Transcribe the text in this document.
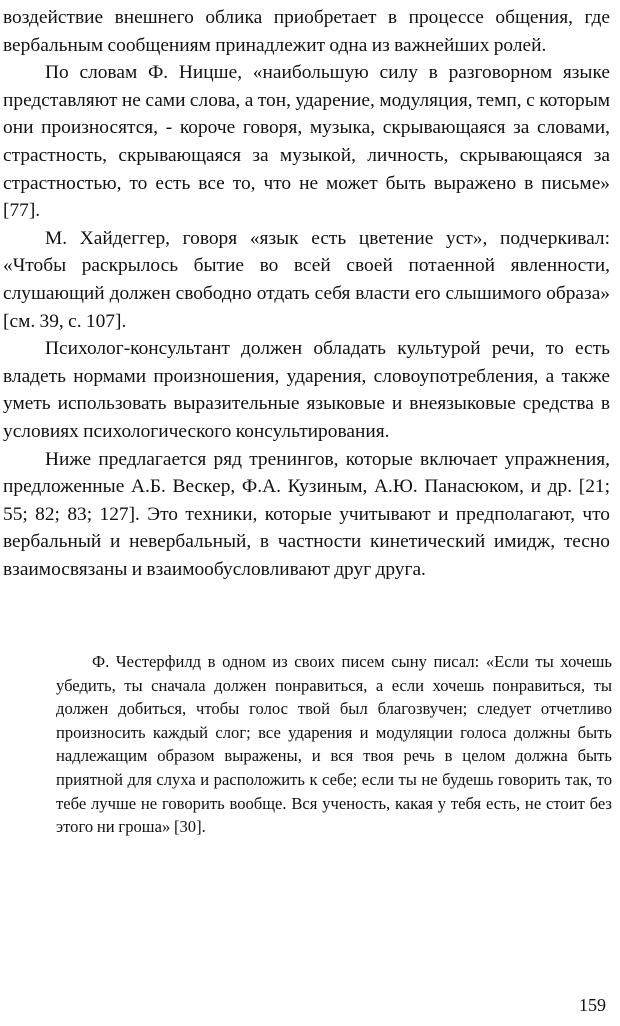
воздействие внешнего облика приобретает в процессе общения, где вербальным сообщениям принадлежит одна из важнейших ролей.

По словам Ф. Ницше, «наибольшую силу в разговорном языке представляют не сами слова, а тон, ударение, модуляция, темп, с которым они произносятся, - короче говоря, музыка, скрывающаяся за словами, страстность, скрывающаяся за музыкой, личность, скрывающаяся за страстностью, то есть все то, что не может быть выражено в письме» [77].

М. Хайдеггер, говоря «язык есть цветение уст», подчеркивал: «Чтобы раскрылось бытие во всей своей потаенной явленности, слушающий должен свободно отдать себя власти его слышимого образа» [см. 39, с. 107].

Психолог-консультант должен обладать культурой речи, то есть владеть нормами произношения, ударения, словоупотребления, а также уметь использовать выразительные языковые и внеязыковые средства в условиях психологического консультирования.

Ниже предлагается ряд тренингов, которые включает упражнения, предложенные А.Б. Вескер, Ф.А. Кузиным, А.Ю. Панаcюком, и др. [21; 55; 82; 83; 127]. Это техники, которые учитывают и предполагают, что вербальный и невербальный, в частности кинетический имидж, тесно взаимосвязаны и взаимообусловливают друг друга.

Ф. Честерфилд в одном из своих писем сыну писал: «Если ты хочешь убедить, ты сначала должен понравиться, а если хочешь понравиться, ты должен добиться, чтобы голос твой был благозвучен; следует отчетливо произносить каждый слог; все ударения и модуляции голоса должны быть надлежащим образом выражены, и вся твоя речь в целом должна быть приятной для слуха и расположить к себе; если ты не будешь говорить так, то тебе лучше не говорить вообще. Вся ученость, какая у тебя есть, не стоит без этого ни гроша» [30].

159
